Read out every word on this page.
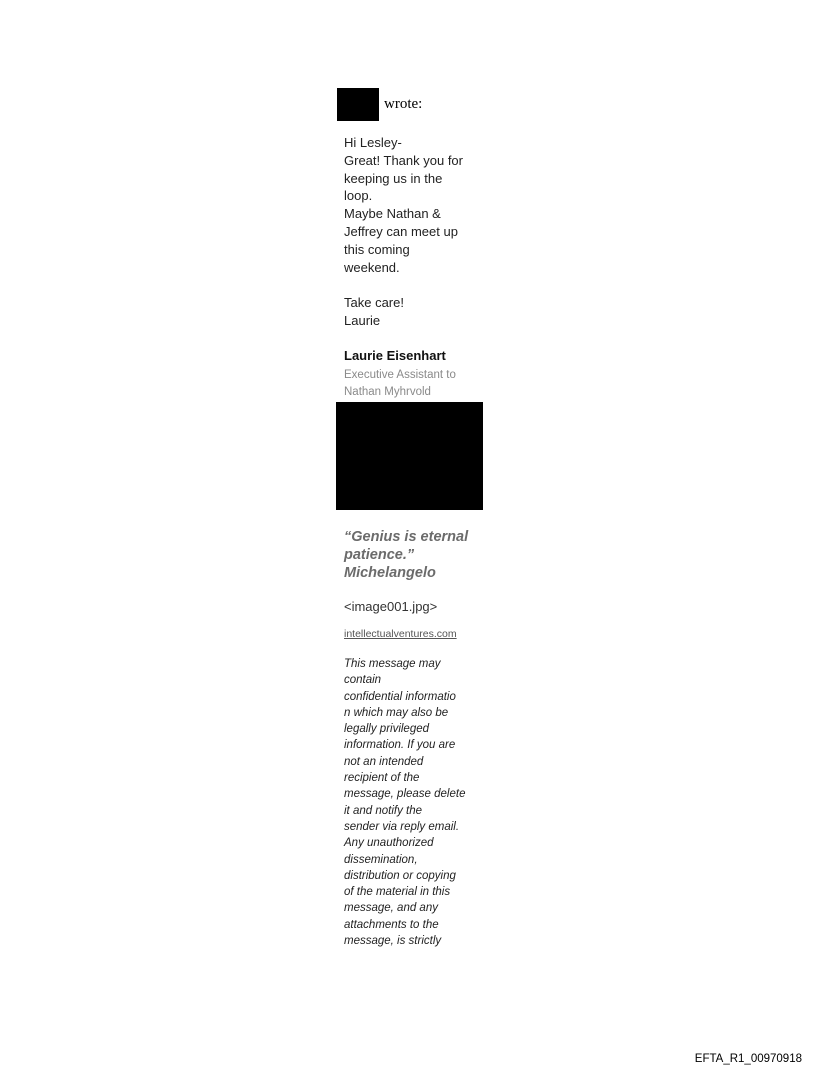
wrote:
Hi Lesley-
Great! Thank you for
keeping us in the
loop.
Maybe Nathan &
Jeffrey can meet up
this coming
weekend.

Take care!
Laurie
Laurie Eisenhart
Executive Assistant to
Nathan Myhrvold
“Genius is eternal
patience.”
Michelangelo
<image001.jpg>
intellectualventures.com
This message may
contain
confidential informatio
n which may also be
legally privileged
information. If you are
not an intended
recipient of the
message, please delete
it and notify the
sender via reply email.
Any unauthorized
dissemination,
distribution or copying
of the material in this
message, and any
attachments to the
message, is strictly
EFTA_R1_00970918
